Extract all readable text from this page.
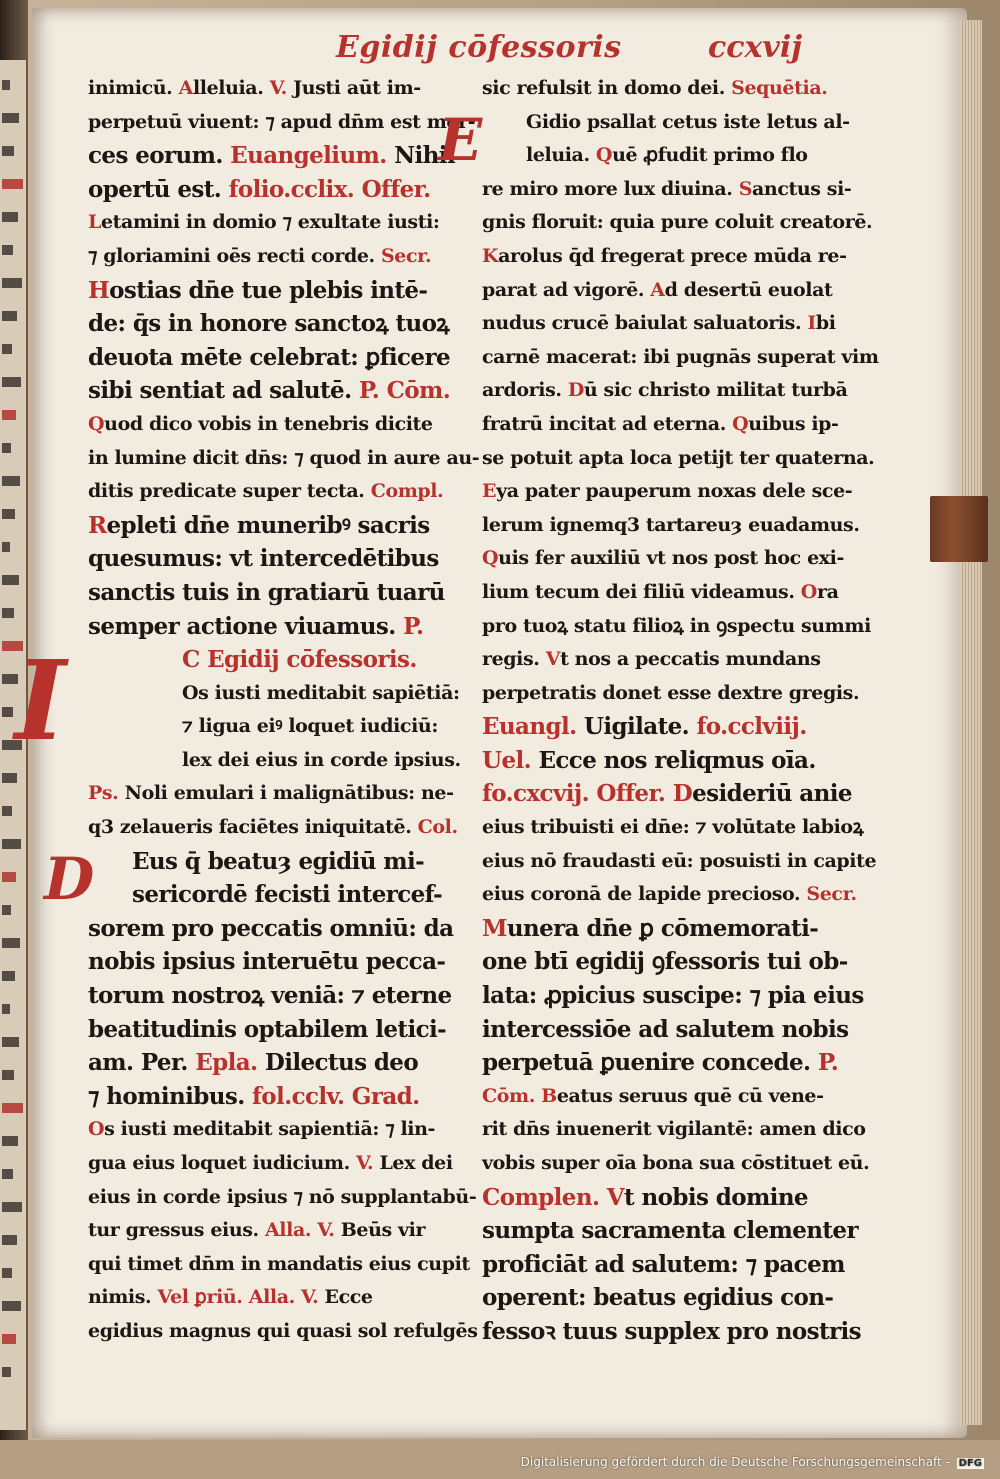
Egidij cōfessoris	ccxvij
inimicū. Alleluia. V. Justi aūt im-
perpetuū viuent: ⁊ apud dn̄m est mer-
ces eorum. Euangelium. Nihil
opertū est. folio.cclix. Offer.
Letamini in domio ⁊ exultate iusti:
⁊ gloriamini oēs recti corde. Secr.
Hostias dn̄e tue plebis intē-
de: q̄s in honore sanctoꝝ tuoꝝ
deuota mēte celebrat: ꝑficere
sibi sentiat ad salutē. P. Cōm.
Quod dico vobis in tenebris dicite
in lumine dicit dn̄s: ⁊ quod in aure au-
ditis predicate super tecta. Compl.
Repleti dn̄e muneribꝰ sacris
quesumus: vt intercedētibus
sanctis tuis in gratiarū tuarū
semper actione viuamus. P.
I	C Egidij cōfessoris.
Os iusti meditabit sapiētiā:
⁊ ligua eiꝰ loquet iudiciū:
lex dei eius in corde ipsius.
Ps. Noli emulari i malignātibus: ne-
q3 zelaueris faciētes iniquitatē. Col.
D Eus q̄ beatuȝ egidiū mi-
sericordē fecisti intercef-
sorem pro peccatis omniū: da
nobis ipsius interuētu pecca-
torum nostroꝝ veniā: ⁊ eterne
beatitudinis optabilem letici-
am. Per. Epla. Dilectus deo
⁊ hominibus. fol.cclv. Grad.
Os iusti meditabit sapientiā: ⁊ lin-
gua eius loquet iudicium. V. Lex dei
eius in corde ipsius ⁊ nō supplantabū-
tur gressus eius. Alla. V. Beūs vir
qui timet dn̄m in mandatis eius cupit
nimis. Vel ꝑriū. Alla. V. Ecce
egidius magnus qui quasi sol refulgēs
sic refulsit in domo dei. Sequētia.
E Gidio psallat cetus iste letus al-
leluia. Quē ꝓfudit primo flo
re miro more lux diuina. Sanctus si-
gnis floruit: quia pure coluit creatorē.
Karolus q̄d fregerat prece mūda re-
parat ad vigorē. Ad desertū euolat
nudus crucē baiulat saluatoris. Ibi
carnē macerat: ibi pugnās superat vim
ardoris. Dū sic christo militat turbā
fratrū incitat ad eterna. Quibus ip-
se potuit apta loca petijt ter quaterna.
Eya pater pauperum noxas dele sce-
lerum ignemq3 tartareuȝ euadamus.
Quis fer auxiliū vt nos post hoc exi-
lium tecum dei filiū videamus. Ora
pro tuoꝝ statu filioꝝ in ꝯspectu summi
regis. Vt nos a peccatis mundans
perpetratis donet esse dextre gregis.
Euangl. Uigilate. fo.cclviij.
Uel. Ecce nos reliqmus oīa.
fo.cxcvij. Offer. Desideriū anie
eius tribuisti ei dn̄e: ⁊ volūtate labioꝝ
eius nō fraudasti eū: posuisti in capite
eius coronā de lapide precioso. Secr.
Munera dn̄e ꝑ cōmemorati-
one btī egidij ꝯfessoris tui ob-
lata: ꝓpicius suscipe: ⁊ pia eius
intercessiōe ad salutem nobis
perpetuā ꝑuenire concede. P.
Cōm. Beatus seruus quē cū vene-
rit dn̄s inuenerit vigilantē: amen dico
vobis super oīa bona sua cōstituet eū.
Complen. Vt nobis domine
sumpta sacramenta clementer
proficiāt ad salutem: ⁊ pacem
operent: beatus egidius con-
fessoꝛ tuus supplex pro nostris
Digitalisierung gefördert durch die Deutsche Forschungsgemeinschaft - DFG
